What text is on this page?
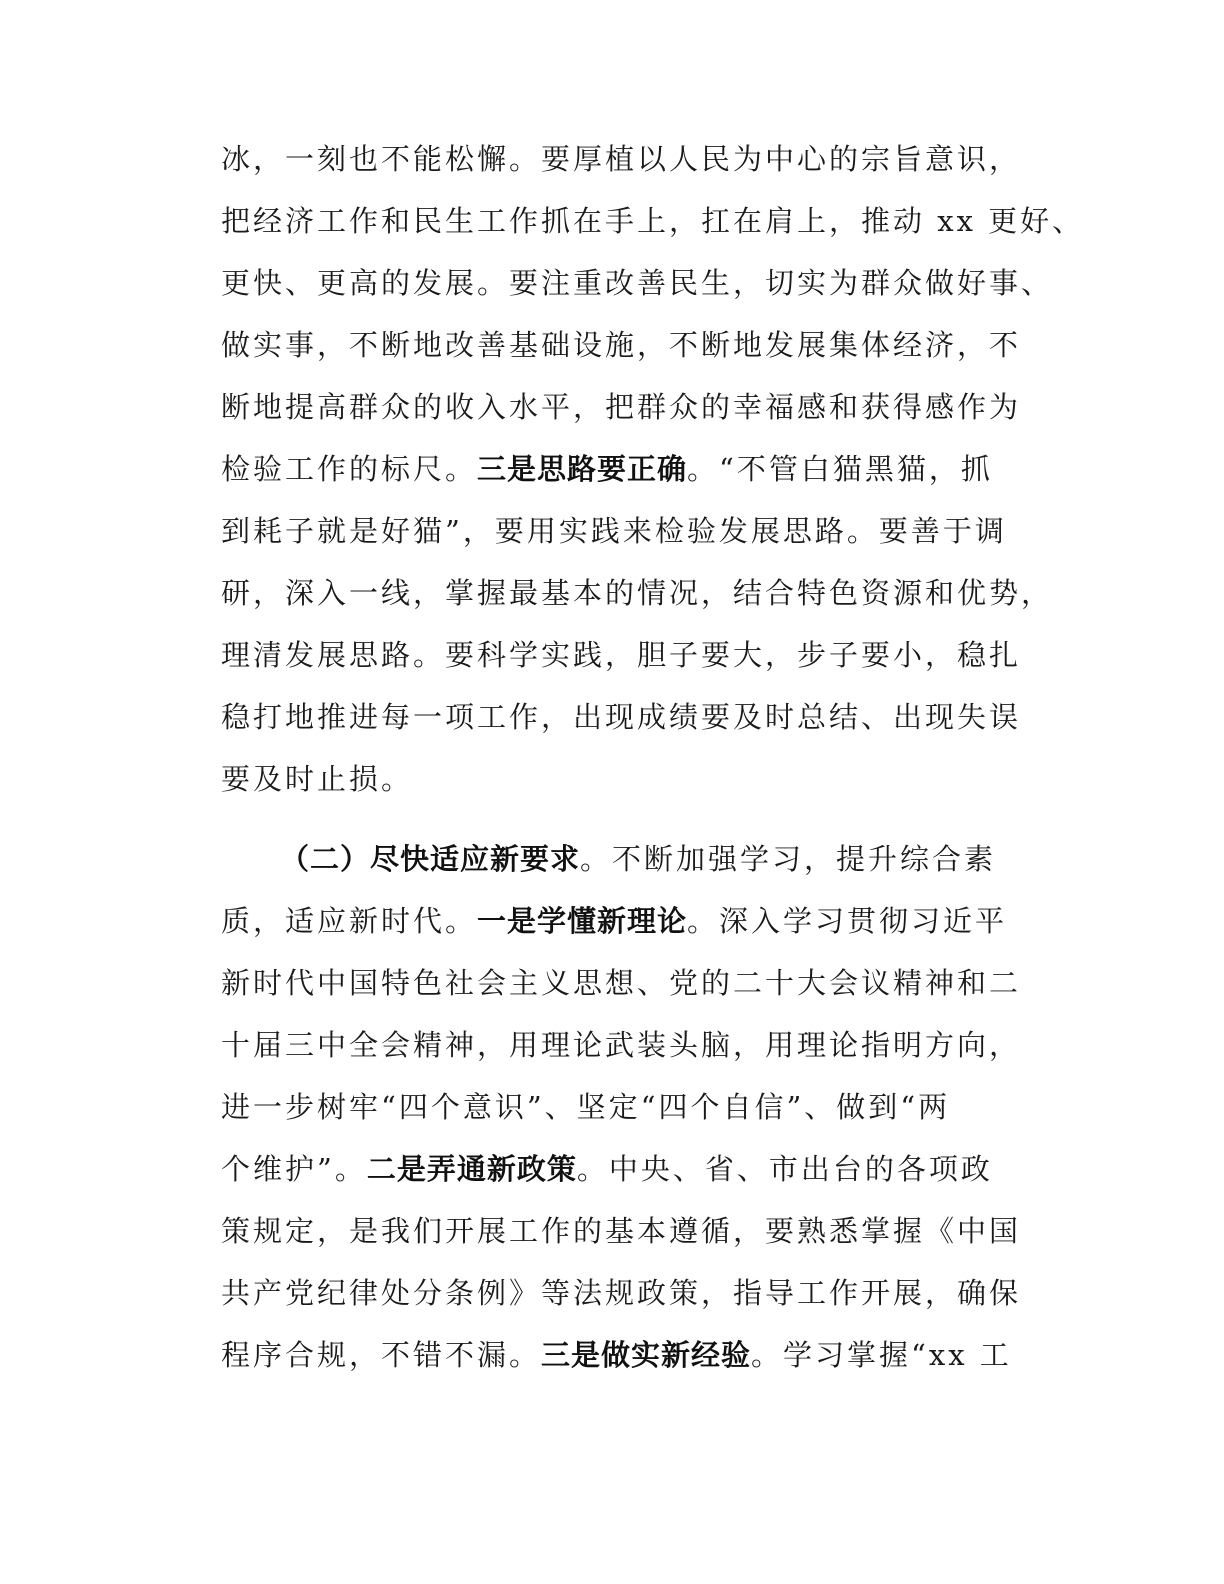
冰，一刻也不能松懈。要厚植以人民为中心的宗旨意识，
把经济工作和民生工作抓在手上，扛在肩上，推动 xx 更好、
更快、更高的发展。要注重改善民生，切实为群众做好事、
做实事，不断地改善基础设施，不断地发展集体经济，不
断地提高群众的收入水平，把群众的幸福感和获得感作为
检验工作的标尺。三是思路要正确。“不管白猫黑猫，抓
到耗子就是好猫”，要用实践来检验发展思路。要善于调
研，深入一线，掌握最基本的情况，结合特色资源和优势，
理清发展思路。要科学实践，胆子要大，步子要小，稳扎
稳打地推进每一项工作，出现成绩要及时总结、出现失误
要及时止损。
（二）尽快适应新要求。不断加强学习，提升综合素
质，适应新时代。一是学懂新理论。深入学习贯彻习近平
新时代中国特色社会主义思想、党的二十大会议精神和二
十届三中全会精神，用理论武装头脑，用理论指明方向，
进一步树牢“四个意识”、坚定“四个自信”、做到“两
个维护”。二是弄通新政策。中央、省、市出台的各项政
策规定，是我们开展工作的基本遵循，要熟悉掌握《中国
共产党纪律处分条例》等法规政策，指导工作开展，确保
程序合规，不错不漏。三是做实新经验。学习掌握“xx 工
